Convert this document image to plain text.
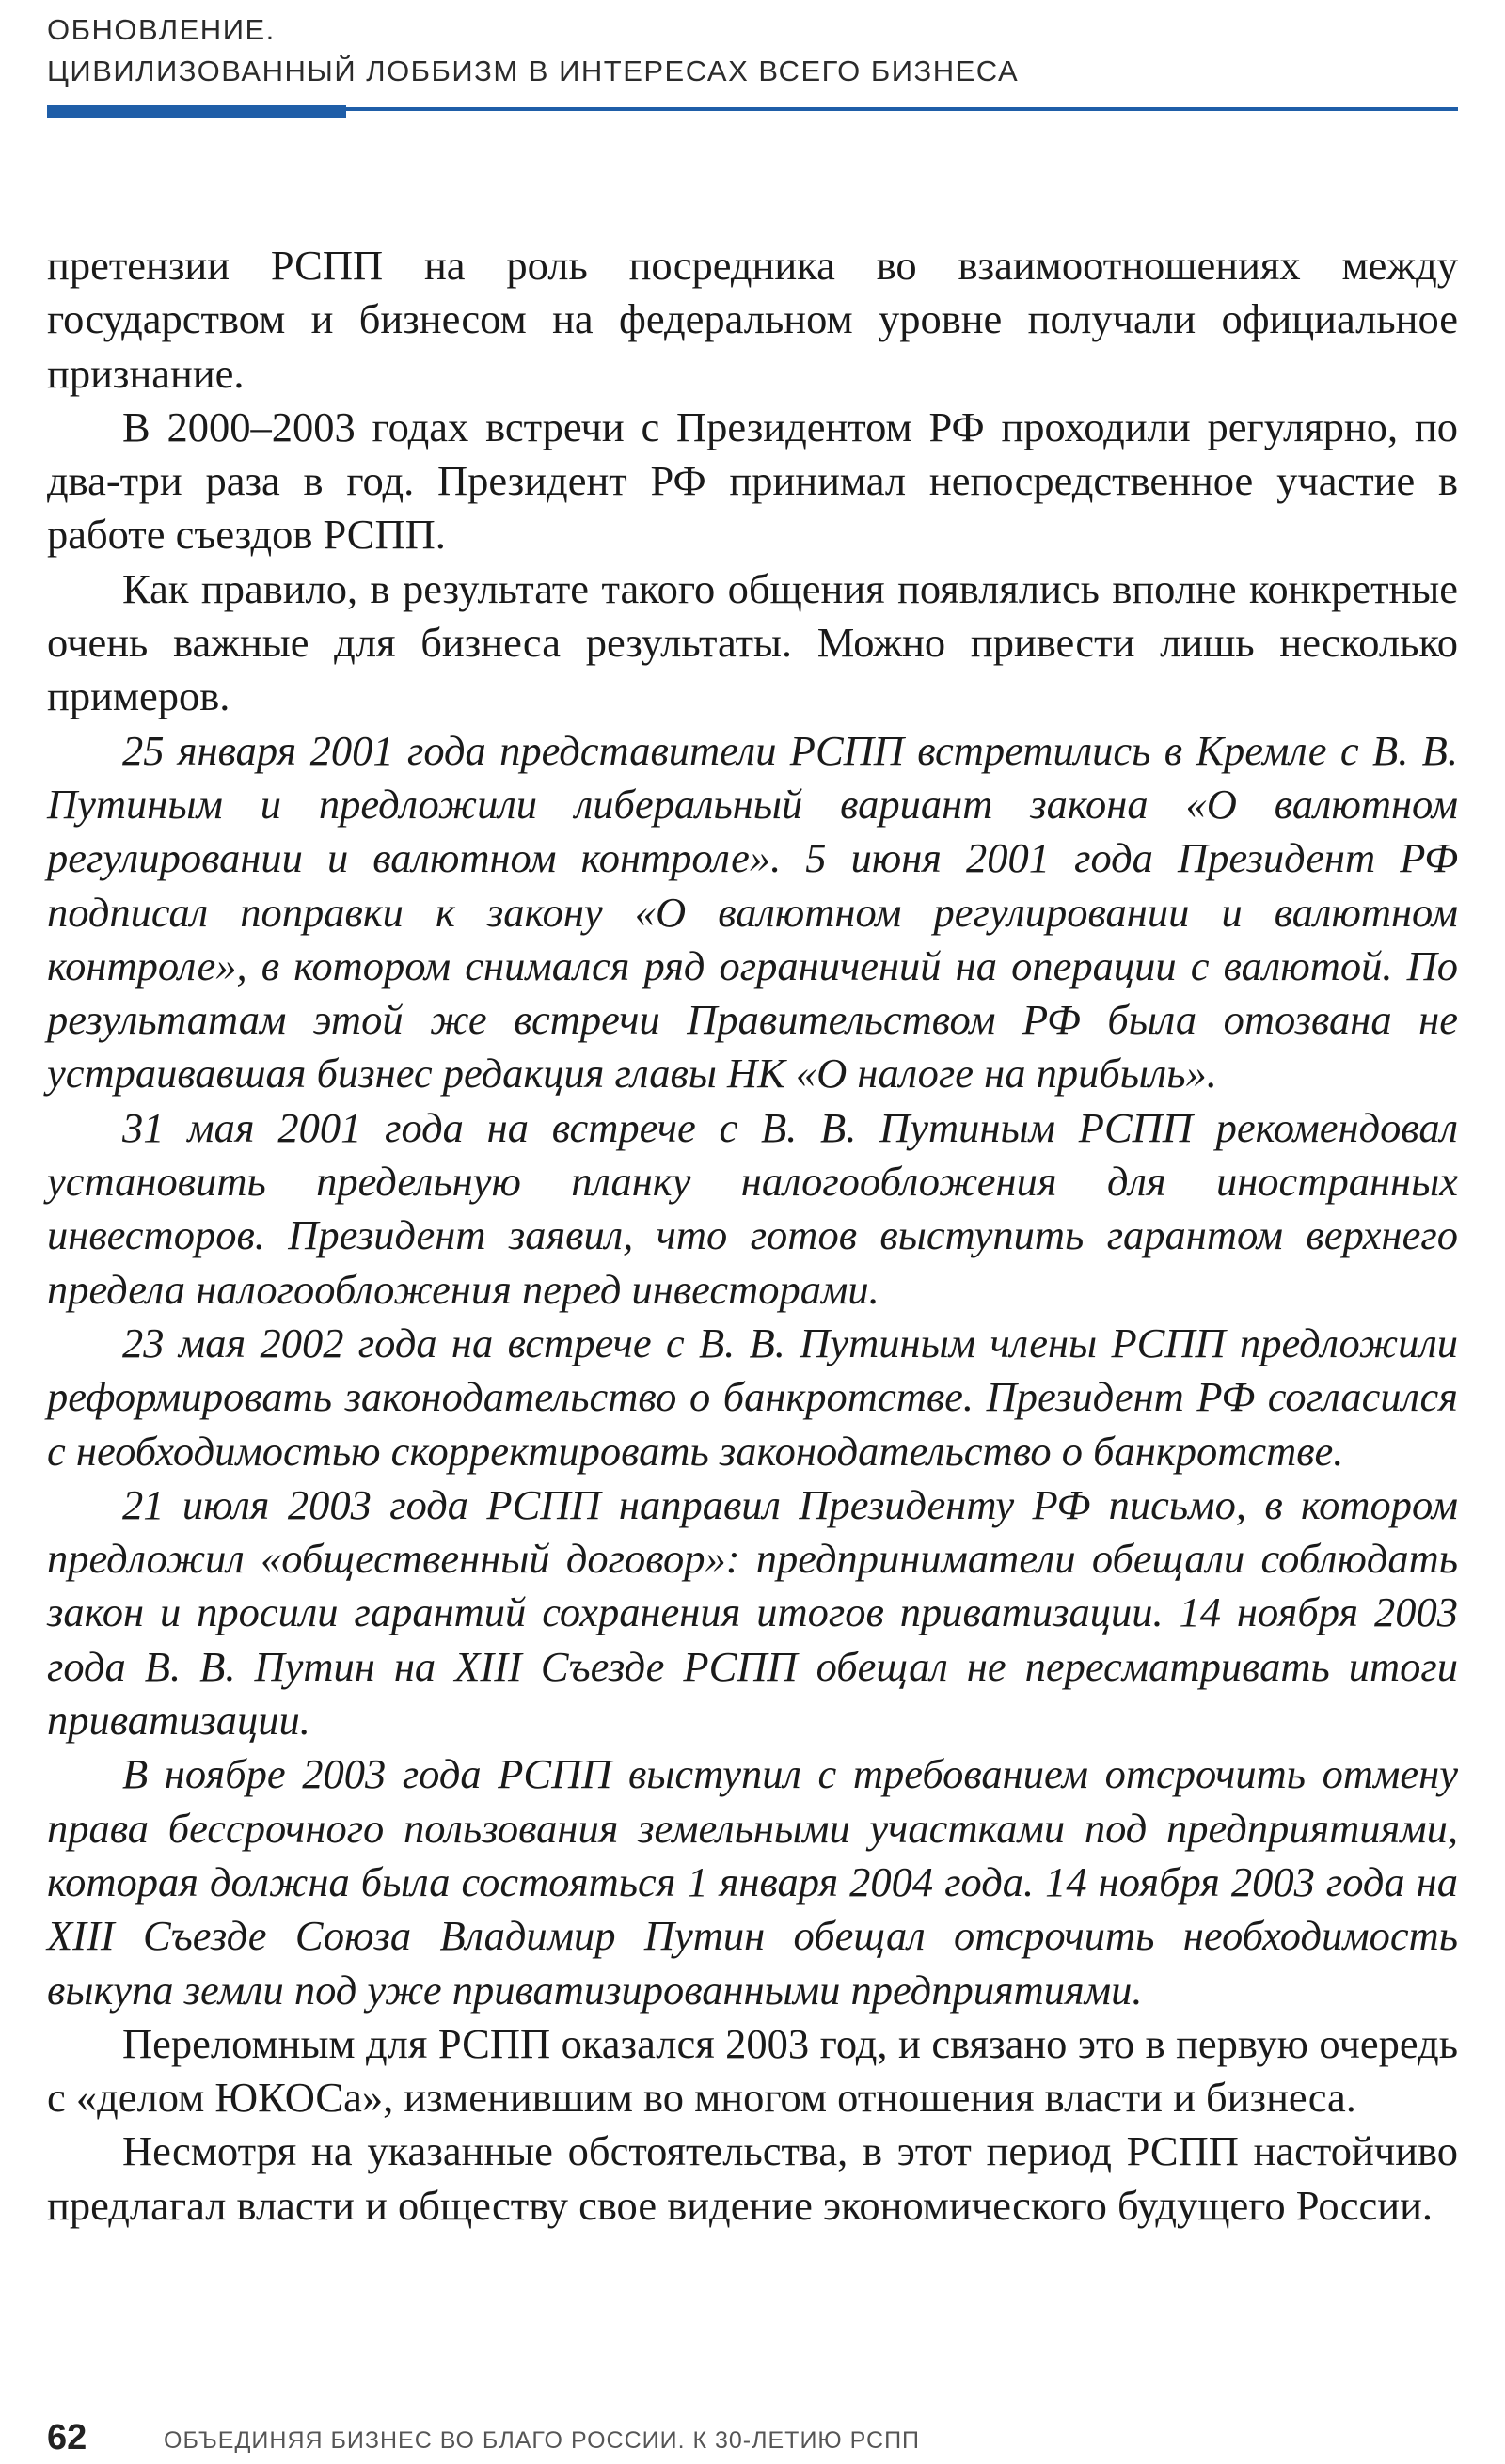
ОБНОВЛЕНИЕ.
ЦИВИЛИЗОВАННЫЙ ЛОББИЗМ В ИНТЕРЕСАХ ВСЕГО БИЗНЕСА

претензии РСПП на роль посредника во взаимоотношениях между государством и бизнесом на федеральном уровне получали официальное признание.

В 2000–2003 годах встречи с Президентом РФ проходили регулярно, по два-три раза в год. Президент РФ принимал непосредственное участие в работе съездов РСПП.

Как правило, в результате такого общения появлялись вполне конкретные очень важные для бизнеса результаты. Можно привести лишь несколько примеров.

25 января 2001 года представители РСПП встретились в Кремле с В. В. Путиным и предложили либеральный вариант закона «О валютном регулировании и валютном контроле». 5 июня 2001 года Президент РФ подписал поправки к закону «О валютном регулировании и валютном контроле», в котором снимался ряд ограничений на операции с валютой. По результатам этой же встречи Правительством РФ была отозвана не устраивавшая бизнес редакция главы НК «О налоге на прибыль».

31 мая 2001 года на встрече с В. В. Путиным РСПП рекомендовал установить предельную планку налогообложения для иностранных инвесторов. Президент заявил, что готов выступить гарантом верхнего предела налогообложения перед инвесторами.

23 мая 2002 года на встрече с В. В. Путиным члены РСПП предложили реформировать законодательство о банкротстве. Президент РФ согласился с необходимостью скорректировать законодательство о банкротстве.

21 июля 2003 года РСПП направил Президенту РФ письмо, в котором предложил «общественный договор»: предприниматели обещали соблюдать закон и просили гарантий сохранения итогов приватизации. 14 ноября 2003 года В. В. Путин на XIII Съезде РСПП обещал не пересматривать итоги приватизации.

В ноябре 2003 года РСПП выступил с требованием отсрочить отмену права бессрочного пользования земельными участками под предприятиями, которая должна была состояться 1 января 2004 года. 14 ноября 2003 года на XIII Съезде Союза Владимир Путин обещал отсрочить необходимость выкупа земли под уже приватизированными предприятиями.

Переломным для РСПП оказался 2003 год, и связано это в первую очередь с «делом ЮКОСа», изменившим во многом отношения власти и бизнеса.

Несмотря на указанные обстоятельства, в этот период РСПП настойчиво предлагал власти и обществу свое видение экономического будущего России.

62	ОБЪЕДИНЯЯ БИЗНЕС ВО БЛАГО РОССИИ. К 30-ЛЕТИЮ РСПП
